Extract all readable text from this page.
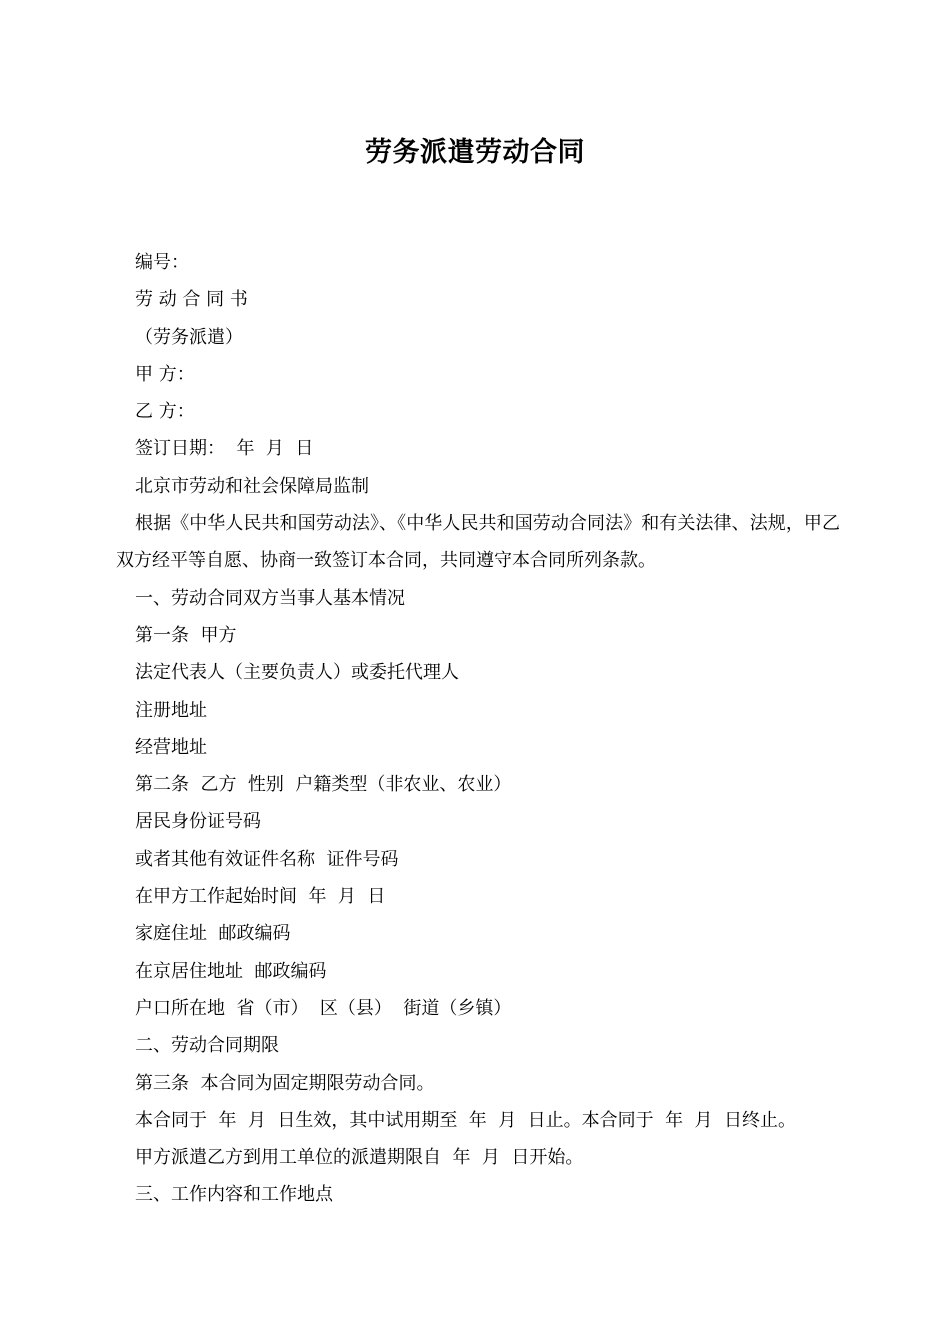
劳务派遣劳动合同

编号：

劳 动 合 同 书

（劳务派遣）

甲 方：

乙 方：

签订日期：  年  月  日

北京市劳动和社会保障局监制

根据《中华人民共和国劳动法》、《中华人民共和国劳动合同法》和有关法律、法规，甲乙双方经平等自愿、协商一致签订本合同，共同遵守本合同所列条款。

一、劳动合同双方当事人基本情况

第一条  甲方

法定代表人（主要负责人）或委托代理人

注册地址

经营地址

第二条  乙方  性别  户籍类型（非农业、农业）

居民身份证号码

或者其他有效证件名称  证件号码

在甲方工作起始时间  年  月  日

家庭住址  邮政编码

在京居住地址  邮政编码

户口所在地  省（市）  区（县）  街道（乡镇）

二、劳动合同期限

第三条  本合同为固定期限劳动合同。

本合同于  年  月  日生效，其中试用期至  年  月  日止。本合同于  年  月  日终止。

甲方派遣乙方到用工单位的派遣期限自  年  月  日开始。

三、工作内容和工作地点
